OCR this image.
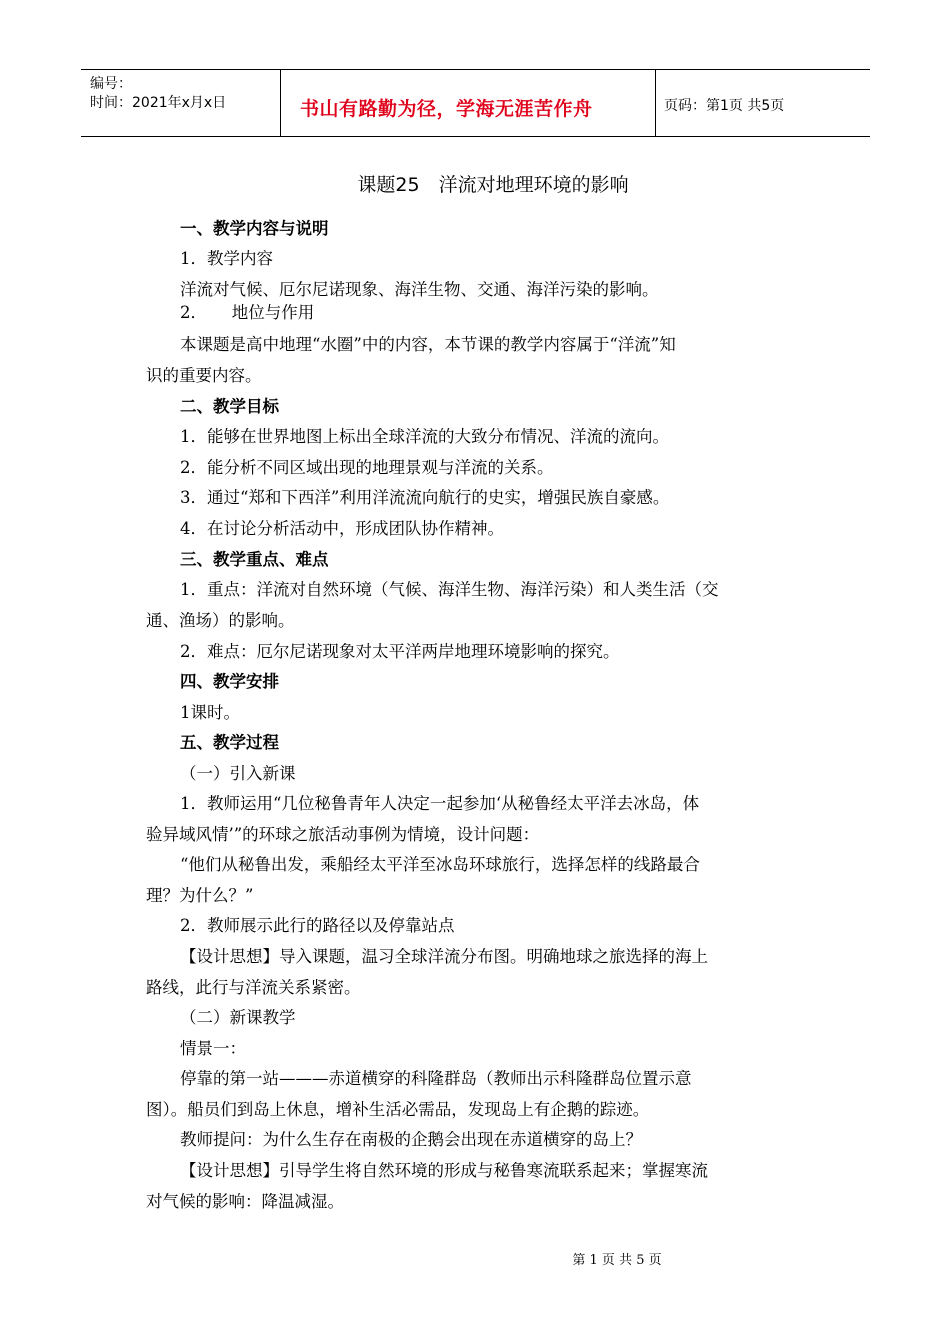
编号：
时间：2021年x月x日	书山有路勤为径，学海无涯苦作舟	页码：第1页 共5页
课题25　洋流对地理环境的影响
一、教学内容与说明
1．教学内容
洋流对气候、厄尔尼诺现象、海洋生物、交通、海洋污染的影响。
2．　　地位与作用
本课题是高中地理“水圈”中的内容，本节课的教学内容属于“洋流”知
识的重要内容。
二、教学目标
1．能够在世界地图上标出全球洋流的大致分布情况、洋流的流向。
2．能分析不同区域出现的地理景观与洋流的关系。
3．通过“郑和下西洋”利用洋流流向航行的史实，增强民族自豪感。
4．在讨论分析活动中，形成团队协作精神。
三、教学重点、难点
1．重点：洋流对自然环境（气候、海洋生物、海洋污染）和人类生活（交
通、渔场）的影响。
2．难点：厄尔尼诺现象对太平洋两岸地理环境影响的探究。
四、教学安排
1课时。
五、教学过程
（一）引入新课
1．教师运用“几位秘鲁青年人决定一起参加‘从秘鲁经太平洋去冰岛，体
验异域风情’”的环球之旅活动事例为情境，设计问题：
“他们从秘鲁出发，乘船经太平洋至冰岛环球旅行，选择怎样的线路最合
理？为什么？”
2．教师展示此行的路径以及停靠站点
【设计思想】导入课题，温习全球洋流分布图。明确地球之旅选择的海上
路线，此行与洋流关系紧密。
（二）新课教学
情景一：
停靠的第一站———赤道横穿的科隆群岛（教师出示科隆群岛位置示意
图）。船员们到岛上休息，增补生活必需品，发现岛上有企鹅的踪迹。
教师提问：为什么生存在南极的企鹅会出现在赤道横穿的岛上？
【设计思想】引导学生将自然环境的形成与秘鲁寒流联系起来；掌握寒流
对气候的影响：降温减湿。
第 1 页 共 5 页
